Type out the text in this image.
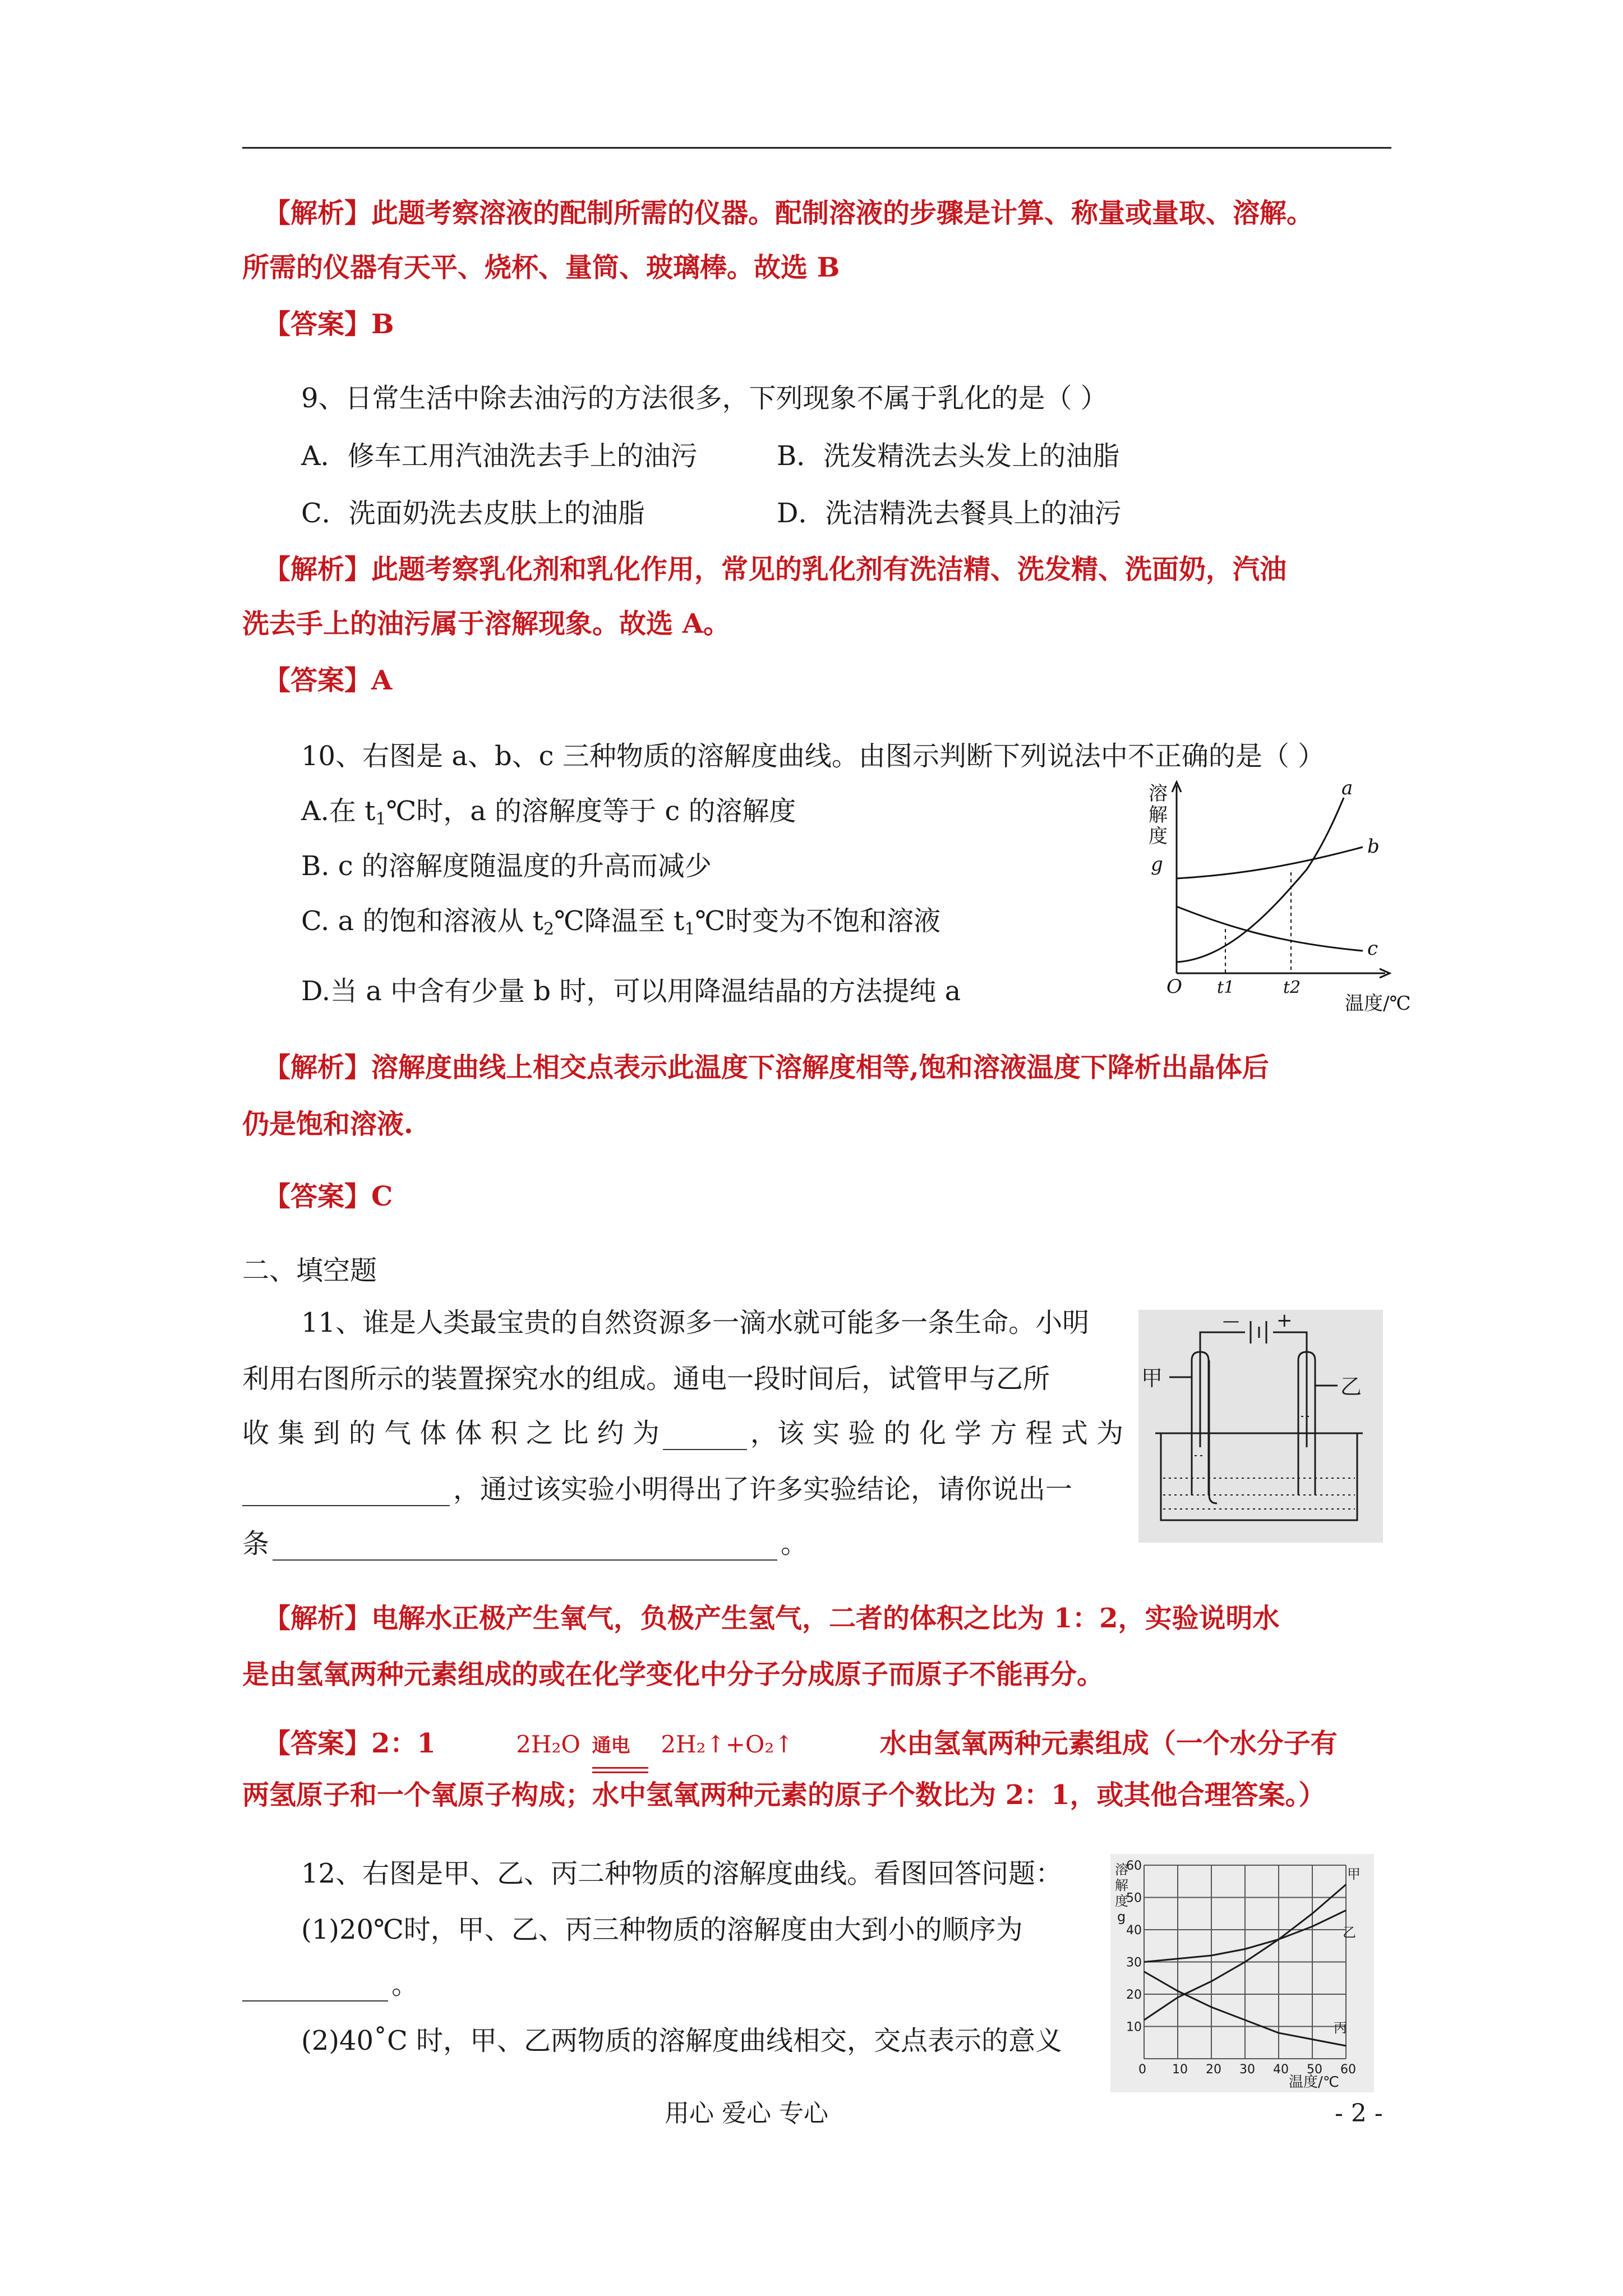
【解析】此题考察溶液的配制所需的仪器。配制溶液的步骤是计算、称量或量取、溶解。
所需的仪器有天平、烧杯、量筒、玻璃棒。故选 B
【答案】B
9、日常生活中除去油污的方法很多，下列现象不属于乳化的是（ ）
A．修车工用汽油洗去手上的油污	B．洗发精洗去头发上的油脂
C．洗面奶洗去皮肤上的油脂	D．洗洁精洗去餐具上的油污
【解析】此题考察乳化剂和乳化作用，常见的乳化剂有洗洁精、洗发精、洗面奶，汽油
洗去手上的油污属于溶解现象。故选 A。
【答案】A
10、右图是 a、b、c 三种物质的溶解度曲线。由图示判断下列说法中不正确的是（ ）
A.在 $t_1℃$时，a 的溶解度等于 c 的溶解度
B. c 的溶解度随温度的升高而减少
C. a 的饱和溶液从 $t_2℃$降温至 $t_1℃$时变为不饱和溶液
D.当 a 中含有少量 b 时，可以用降温结晶的方法提纯 a
溶
解
度
g
O t1	t2
温度/℃
a
b
c
【解析】溶解度曲线上相交点表示此温度下溶解度相等,饱和溶液温度下降析出晶体后
仍是饱和溶液.
【答案】C
二、填空题
11、谁是人类最宝贵的自然资源多一滴水就可能多一条生命。小明
利用右图所示的装置探究水的组成。通电一段时间后，试管甲与乙所
收 集 到 的 气 体 体 积 之 比 约 为	，该 实 验 的 化 学 方 程 式 为
，通过该实验小明得出了许多实验结论，请你说出一
条	。
甲	乙
— +
【解析】电解水正极产生氧气，负极产生氢气，二者的体积之比为 1：2，实验说明水
是由氢氧两种元素组成的或在化学变化中分子分成原子而原子不能再分。
【答案】2：1	2H₂O 通电 2H₂↑+O₂↑	水由氢氧两种元素组成（一个水分子有
两氢原子和一个氧原子构成；水中氢氧两种元素的原子个数比为 2：1，或其他合理答案。）
12、右图是甲、乙、丙二种物质的溶解度曲线。看图回答问题：
(1)20℃时，甲、乙、丙三种物质的溶解度由大到小的顺序为
。
(2)40˚C 时，甲、乙两物质的溶解度曲线相交，交点表示的意义
溶
解
度
g
温度/℃
甲
乙
丙
0 10 20 30 40 50 60
10
20
30
40
50
60
用心 爱心 专心	- 2 -
